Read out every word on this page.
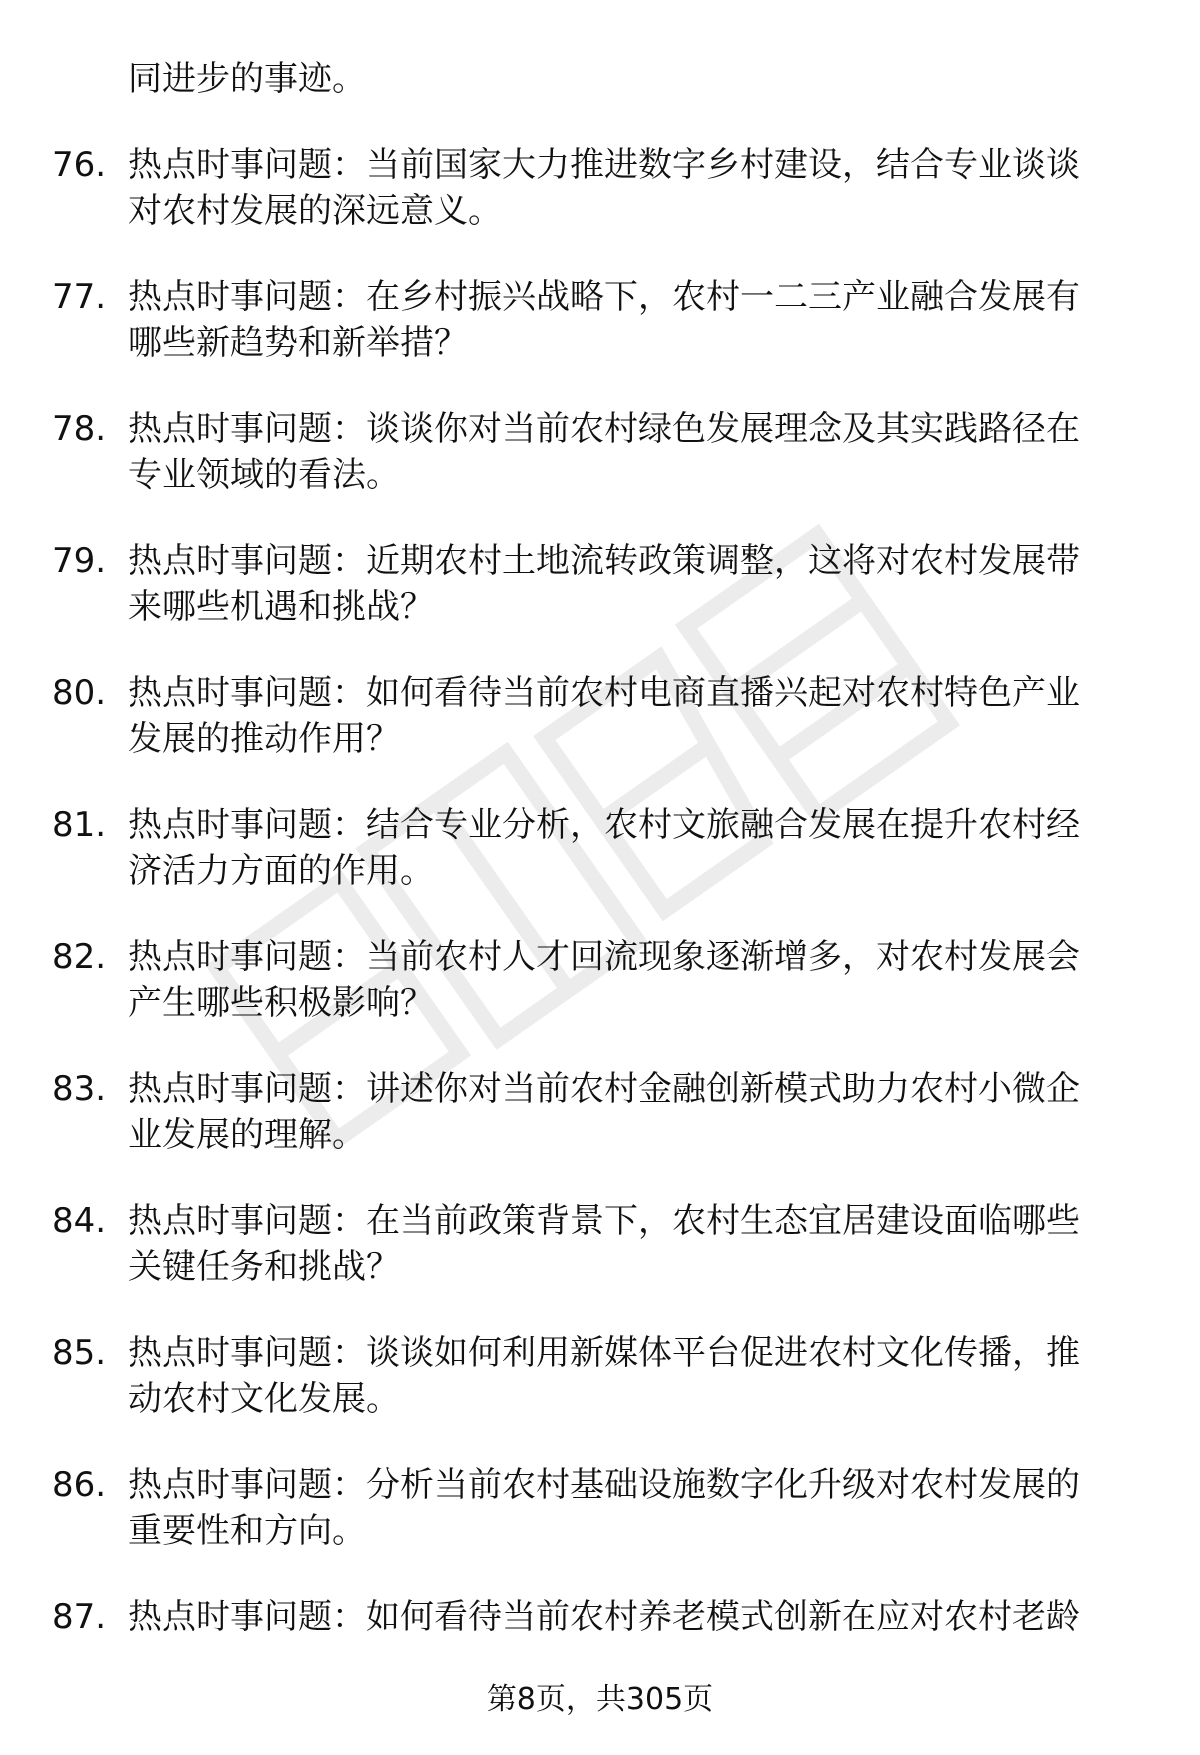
同进步的事迹。
76. 热点时事问题：当前国家大力推进数字乡村建设，结合专业谈谈
对农村发展的深远意义。
77. 热点时事问题：在乡村振兴战略下，农村一二三产业融合发展有
哪些新趋势和新举措？
78. 热点时事问题：谈谈你对当前农村绿色发展理念及其实践路径在
专业领域的看法。
79. 热点时事问题：近期农村土地流转政策调整，这将对农村发展带
来哪些机遇和挑战？
80. 热点时事问题：如何看待当前农村电商直播兴起对农村特色产业
发展的推动作用？
81. 热点时事问题：结合专业分析，农村文旅融合发展在提升农村经
济活力方面的作用。
82. 热点时事问题：当前农村人才回流现象逐渐增多，对农村发展会
产生哪些积极影响？
83. 热点时事问题：讲述你对当前农村金融创新模式助力农村小微企
业发展的理解。
84. 热点时事问题：在当前政策背景下，农村生态宜居建设面临哪些
关键任务和挑战？
85. 热点时事问题：谈谈如何利用新媒体平台促进农村文化传播，推
动农村文化发展。
86. 热点时事问题：分析当前农村基础设施数字化升级对农村发展的
重要性和方向。
87. 热点时事问题：如何看待当前农村养老模式创新在应对农村老龄
第8页，共305页
